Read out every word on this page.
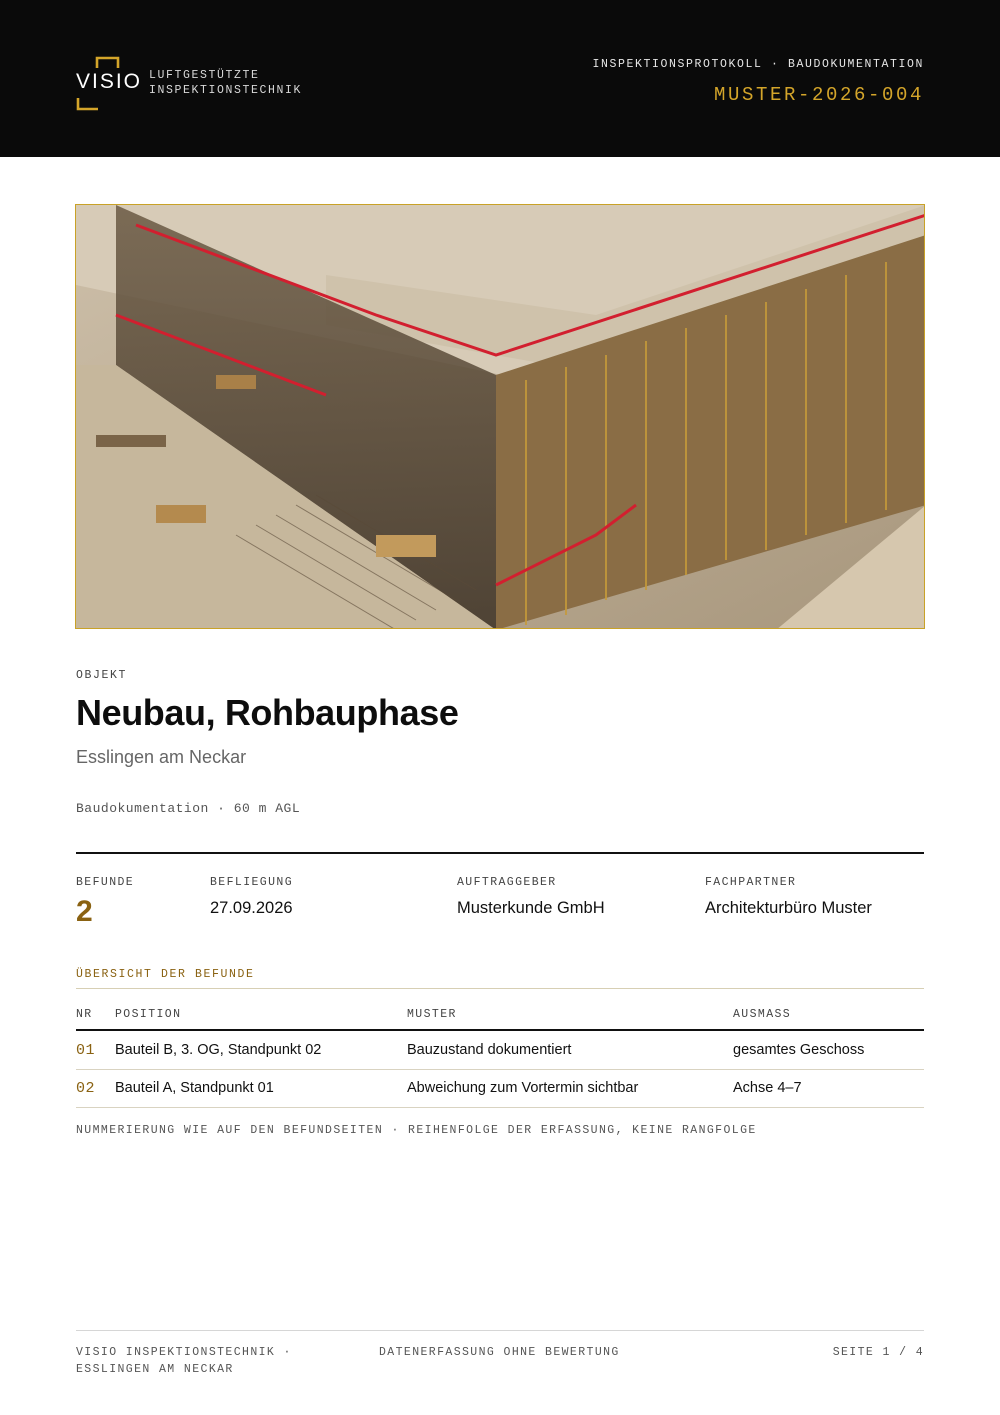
VISIO LUFTGESTÜTZTE
INSPEKTIONSTECHNIK
INSPEKTIONSPROTOKOLL · BAUDOKUMENTATION
MUSTER-2026-004
OBJEKT
Neubau, Rohbauphase
Esslingen am Neckar
Baudokumentation · 60 m AGL
BEFUNDE
2
BEFLIEGUNG
27.09.2026
AUFTRAGGEBER
Musterkunde GmbH
FACHPARTNER
Architekturbüro Muster
ÜBERSICHT DER BEFUNDE
NR POSITION	MUSTER	AUSMASS
01 Bauteil B, 3. OG, Standpunkt 02	Bauzustand dokumentiert	gesamtes Geschoss
02 Bauteil A, Standpunkt 01	Abweichung zum Vortermin sichtbar	Achse 4–7
NUMMERIERUNG WIE AUF DEN BEFUNDSEITEN · REIHENFOLGE DER ERFASSUNG, KEINE RANGFOLGE
VISIO INSPEKTIONSTECHNIK ·
ESSLINGEN AM NECKAR
DATENERFASSUNG OHNE BEWERTUNG	SEITE 1 / 4
